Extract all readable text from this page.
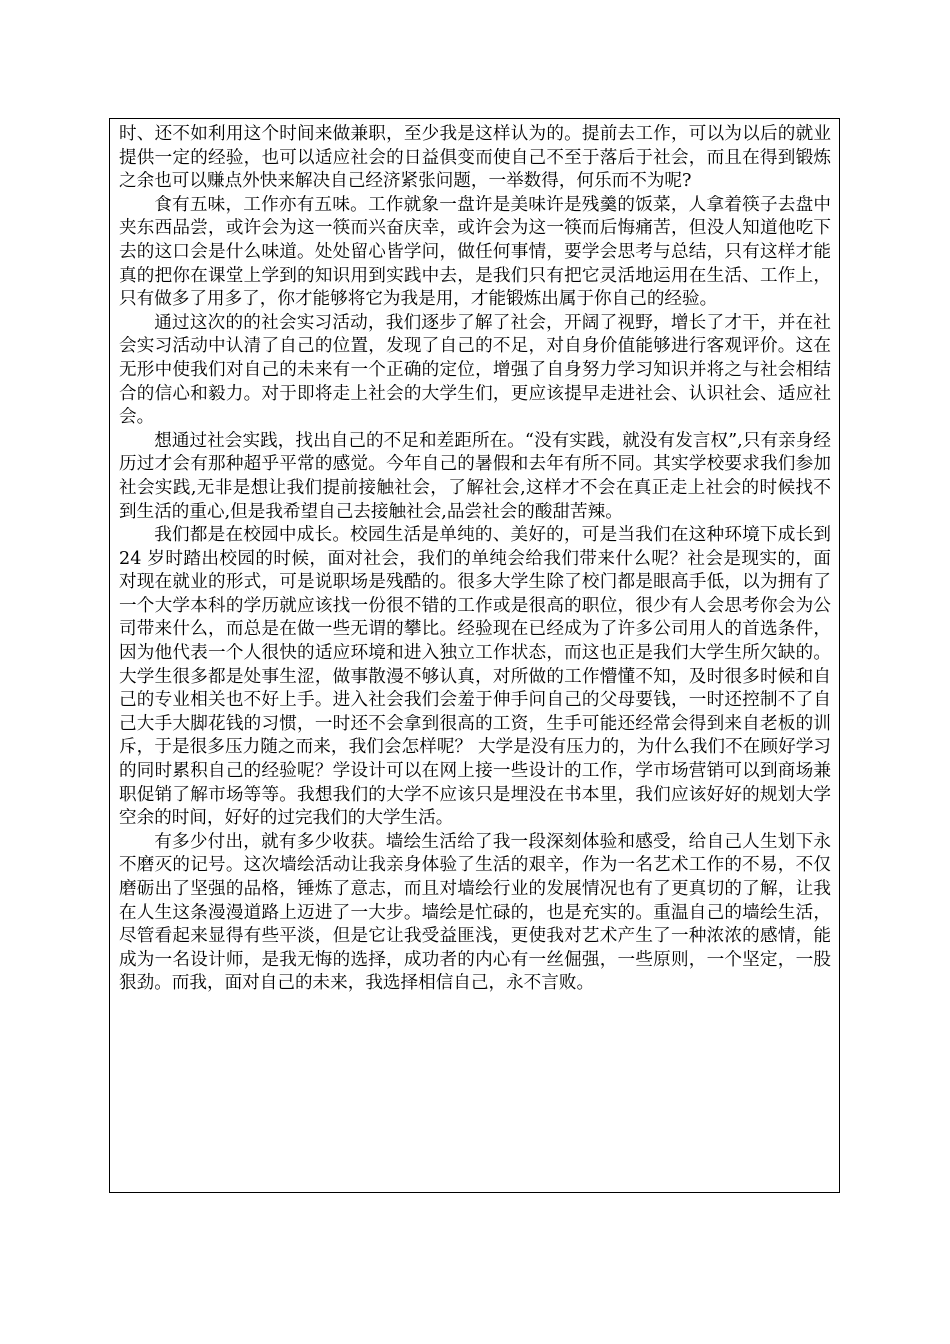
时、还不如利用这个时间来做兼职，至少我是这样认为的。提前去工作，可以为以后的就业提供一定的经验，也可以适应社会的日益俱变而使自己不至于落后于社会，而且在得到锻炼之余也可以赚点外快来解决自己经济紧张问题，一举数得，何乐而不为呢?

食有五味，工作亦有五味。工作就象一盘许是美味许是残羹的饭菜，人拿着筷子去盘中夹东西品尝，或许会为这一筷而兴奋庆幸，或许会为这一筷而后悔痛苦，但没人知道他吃下去的这口会是什么味道。处处留心皆学问，做任何事情，要学会思考与总结，只有这样才能真的把你在课堂上学到的知识用到实践中去，是我们只有把它灵活地运用在生活、工作上，只有做多了用多了，你才能够将它为我是用，才能锻炼出属于你自己的经验。

通过这次的的社会实习活动，我们逐步了解了社会，开阔了视野，增长了才干，并在社会实习活动中认清了自己的位置，发现了自己的不足，对自身价值能够进行客观评价。这在无形中使我们对自己的未来有一个正确的定位，增强了自身努力学习知识并将之与社会相结合的信心和毅力。对于即将走上社会的大学生们，更应该提早走进社会、认识社会、适应社会。

想通过社会实践，找出自己的不足和差距所在。“没有实践，就没有发言权”,只有亲身经历过才会有那种超乎平常的感觉。今年自己的暑假和去年有所不同。其实学校要求我们参加社会实践,无非是想让我们提前接触社会，了解社会,这样才不会在真正走上社会的时候找不到生活的重心,但是我希望自己去接触社会,品尝社会的酸甜苦辣。

我们都是在校园中成长。校园生活是单纯的、美好的，可是当我们在这种环境下成长到 24 岁时踏出校园的时候，面对社会，我们的单纯会给我们带来什么呢？社会是现实的，面对现在就业的形式，可是说职场是残酷的。很多大学生除了校门都是眼高手低，以为拥有了一个大学本科的学历就应该找一份很不错的工作或是很高的职位，很少有人会思考你会为公司带来什么，而总是在做一些无谓的攀比。经验现在已经成为了许多公司用人的首选条件，因为他代表一个人很快的适应环境和进入独立工作状态，而这也正是我们大学生所欠缺的。大学生很多都是处事生涩，做事散漫不够认真，对所做的工作懵懂不知，及时很多时候和自己的专业相关也不好上手。进入社会我们会羞于伸手问自己的父母要钱，一时还控制不了自己大手大脚花钱的习惯，一时还不会拿到很高的工资，生手可能还经常会得到来自老板的训斥，于是很多压力随之而来，我们会怎样呢？ 大学是没有压力的，为什么我们不在顾好学习的同时累积自己的经验呢？学设计可以在网上接一些设计的工作，学市场营销可以到商场兼职促销了解市场等等。我想我们的大学不应该只是埋没在书本里，我们应该好好的规划大学空余的时间，好好的过完我们的大学生活。

有多少付出，就有多少收获。墙绘生活给了我一段深刻体验和感受，给自己人生划下永不磨灭的记号。这次墙绘活动让我亲身体验了生活的艰辛，作为一名艺术工作的不易，不仅磨砺出了坚强的品格，锤炼了意志，而且对墙绘行业的发展情况也有了更真切的了解，让我在人生这条漫漫道路上迈进了一大步。墙绘是忙碌的，也是充实的。重温自己的墙绘生活，尽管看起来显得有些平淡，但是它让我受益匪浅，更使我对艺术产生了一种浓浓的感情，能　成为一名设计师，是我无悔的选择，成功者的内心有一丝倔强，一些原则，一个坚定，一股狠劲。而我，面对自己的未来，我选择相信自己，永不言败。
